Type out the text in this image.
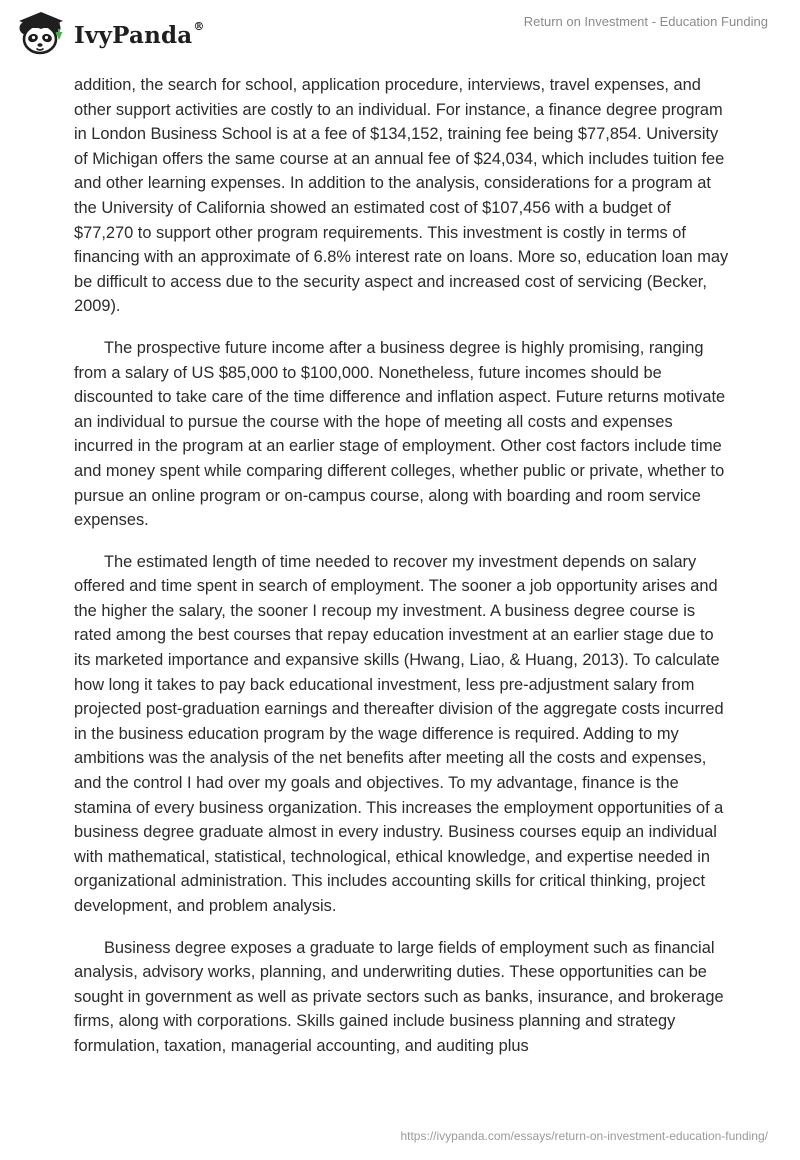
IvyPanda®	Return on Investment - Education Funding

addition, the search for school, application procedure, interviews, travel expenses, and other support activities are costly to an individual. For instance, a finance degree program in London Business School is at a fee of $134,152, training fee being $77,854. University of Michigan offers the same course at an annual fee of $24,034, which includes tuition fee and other learning expenses. In addition to the analysis, considerations for a program at the University of California showed an estimated cost of $107,456 with a budget of $77,270 to support other program requirements. This investment is costly in terms of financing with an approximate of 6.8% interest rate on loans. More so, education loan may be difficult to access due to the security aspect and increased cost of servicing (Becker, 2009).

The prospective future income after a business degree is highly promising, ranging from a salary of US $85,000 to $100,000. Nonetheless, future incomes should be discounted to take care of the time difference and inflation aspect. Future returns motivate an individual to pursue the course with the hope of meeting all costs and expenses incurred in the program at an earlier stage of employment. Other cost factors include time and money spent while comparing different colleges, whether public or private, whether to pursue an online program or on-campus course, along with boarding and room service expenses.

The estimated length of time needed to recover my investment depends on salary offered and time spent in search of employment. The sooner a job opportunity arises and the higher the salary, the sooner I recoup my investment. A business degree course is rated among the best courses that repay education investment at an earlier stage due to its marketed importance and expansive skills (Hwang, Liao, & Huang, 2013). To calculate how long it takes to pay back educational investment, less pre-adjustment salary from projected post-graduation earnings and thereafter division of the aggregate costs incurred in the business education program by the wage difference is required. Adding to my ambitions was the analysis of the net benefits after meeting all the costs and expenses, and the control I had over my goals and objectives. To my advantage, finance is the stamina of every business organization. This increases the employment opportunities of a business degree graduate almost in every industry. Business courses equip an individual with mathematical, statistical, technological, ethical knowledge, and expertise needed in organizational administration. This includes accounting skills for critical thinking, project development, and problem analysis.

Business degree exposes a graduate to large fields of employment such as financial analysis, advisory works, planning, and underwriting duties. These opportunities can be sought in government as well as private sectors such as banks, insurance, and brokerage firms, along with corporations. Skills gained include business planning and strategy formulation, taxation, managerial accounting, and auditing plus

https://ivypanda.com/essays/return-on-investment-education-funding/
